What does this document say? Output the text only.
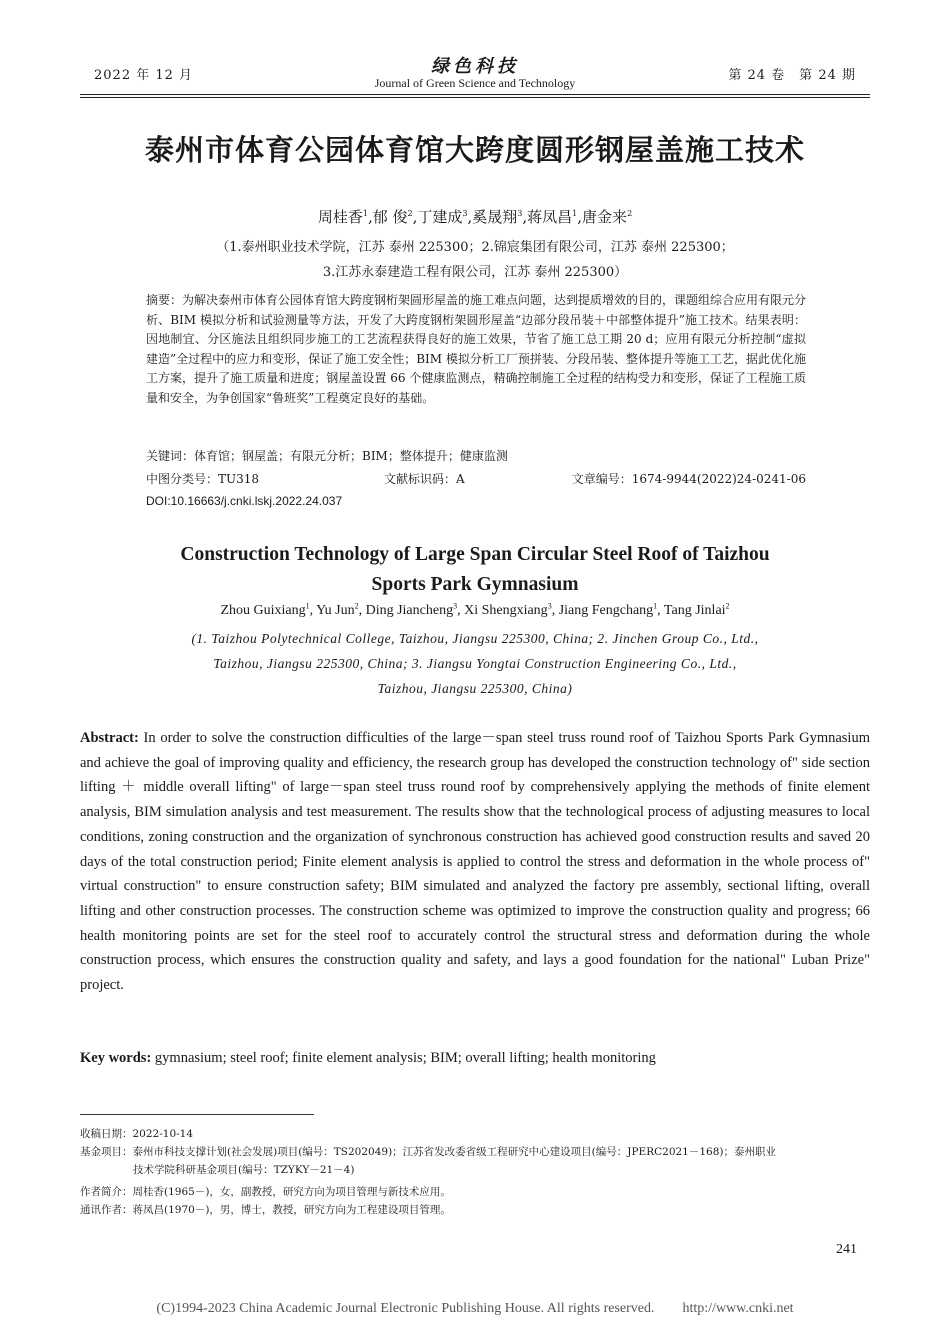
2022 年 12 月	绿色科技
Journal of Green Science and Technology	第 24 卷　第 24 期
泰州市体育公园体育馆大跨度圆形钢屋盖施工技术
周桂香$^1$,郁 俊$^2$,丁建成$^3$,奚晟翔$^3$,蒋凤昌$^1$,唐金来$^2$
（1.泰州职业技术学院，江苏 泰州 225300；2.锦宸集团有限公司，江苏 泰州 225300；
3.江苏永泰建造工程有限公司，江苏 泰州 225300）
摘要：为解决泰州市体育公园体育馆大跨度钢桁架圆形屋盖的施工难点问题，达到提质增效的目的，课题组综合应用有限元分析、BIM 模拟分析和试验测量等方法，开发了大跨度钢桁架圆形屋盖“边部分段吊装＋中部整体提升”施工技术。结果表明：因地制宜、分区施法且组织同步施工的工艺流程获得良好的施工效果，节省了施工总工期 20 d；应用有限元分析控制“虚拟建造”全过程中的应力和变形，保证了施工安全性；BIM 模拟分析工厂预拼装、分段吊装、整体提升等施工工艺，据此优化施工方案，提升了施工质量和进度；钢屋盖设置 66 个健康监测点，精确控制施工全过程的结构受力和变形，保证了工程施工质量和安全，为争创国家“鲁班奖”工程奠定良好的基础。
关键词：体育馆；钢屋盖；有限元分析；BIM；整体提升；健康监测
中图分类号：TU318	文献标识码：A	文章编号：1674-9944(2022)24-0241-06
DOI:10.16663/j.cnki.lskj.2022.24.037
Construction Technology of Large Span Circular Steel Roof of Taizhou
Sports Park Gymnasium
Zhou Guixiang$^1$, Yu Jun$^2$, Ding Jiancheng$^3$, Xi Shengxiang$^3$, Jiang Fengchang$^1$, Tang Jinlai$^2$
(1. Taizhou Polytechnical College, Taizhou, Jiangsu 225300, China; 2. Jinchen Group Co., Ltd.,
Taizhou, Jiangsu 225300, China; 3. Jiangsu Yongtai Construction Engineering Co., Ltd.,
Taizhou, Jiangsu 225300, China)
Abstract: In order to solve the construction difficulties of the large－span steel truss round roof of Taizhou Sports Park Gymnasium and achieve the goal of improving quality and efficiency, the research group has developed the construction technology of" side section lifting ＋ middle overall lifting" of large－span steel truss round roof by comprehensively applying the methods of finite element analysis, BIM simulation analysis and test measurement. The results show that the technological process of adjusting measures to local conditions, zoning construction and the organization of synchronous construction has achieved good construction results and saved 20 days of the total construction period; Finite element analysis is applied to control the stress and deformation in the whole process of" virtual construction" to ensure construction safety; BIM simulated and analyzed the factory pre assembly, sectional lifting, overall lifting and other construction processes. The construction scheme was optimized to improve the construction quality and progress; 66 health monitoring points are set for the steel roof to accurately control the structural stress and deformation during the whole construction process, which ensures the construction quality and safety, and lays a good foundation for the national" Luban Prize" project.
Key words: gymnasium; steel roof; finite element analysis; BIM; overall lifting; health monitoring
收稿日期：2022-10-14
基金项目：泰州市科技支撑计划(社会发展)项目(编号：TS202049)；江苏省发改委省级工程研究中心建设项目(编号：JPERC2021－168)；泰州职业
技术学院科研基金项目(编号：TZYKY－21－4)
作者简介：周桂香(1965－)，女，副教授，研究方向为项目管理与新技术应用。
通讯作者：蒋凤昌(1970－)，男，博士，教授，研究方向为工程建设项目管理。
241
(C)1994-2023 China Academic Journal Electronic Publishing House. All rights reserved.　　http://www.cnki.net
